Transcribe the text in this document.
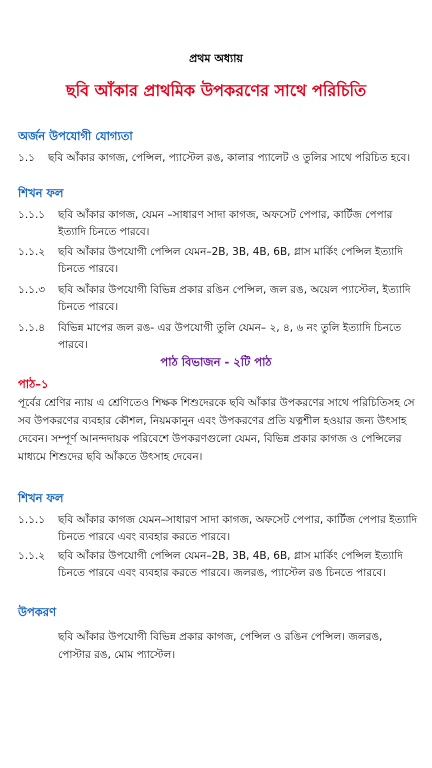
প্রথম অধ্যায়
ছবি আঁকার প্রাথমিক উপকরণের সাথে পরিচিতি
অর্জন উপযোগী যোগ্যতা
১.১	ছবি আঁকার কাগজ, পেন্সিল, প্যাস্টেল রঙ, কালার প্যালেট ও তুলির সাথে পরিচিত হবে।
শিখন ফল
১.১.১	ছবি আঁকার কাগজ, যেমন –সাধারণ সাদা কাগজ, অফসেট পেপার, কার্টিজ পেপার ইত্যাদি চিনতে পারবে।
১.১.২	ছবি আঁকার উপযোগী পেন্সিল যেমন–2B, 3B, 4B, 6B, গ্লাস মার্কিং পেন্সিল ইত্যাদি চিনতে পারবে।
১.১.৩	ছবি আঁকার উপযোগী বিভিন্ন প্রকার রঙিন পেন্সিল, জল রঙ, অয়েল প্যাস্টেল, ইত্যাদি চিনতে পারবে।
১.১.৪	বিভিন্ন মাপের জল রঙ- এর উপযোগী তুলি যেমন– ২, ৪, ৬ নং তুলি ইত্যাদি চিনতে পারবে।
পাঠ বিভাজন - ২টি পাঠ
পাঠ–১
পূর্বের শ্রেণির ন্যায় এ শ্রেণিতেও শিক্ষক শিশুদেরকে ছবি আঁকার উপকরণের সাথে পরিচিতিসহ সে সব উপকরণের ব্যবহার কৌশল, নিয়মকানুন এবং উপকরণের প্রতি যত্নশীল হওয়ার জন্য উৎসাহ দেবেন। সম্পূর্ণ আনন্দদায়ক পরিবেশে উপকরণগুলো যেমন, বিভিন্ন প্রকার কাগজ ও পেন্সিলের মাধ্যমে শিশুদের ছবি আঁকতে উৎসাহ দেবেন।
শিখন ফল
১.১.১	ছবি আঁকার কাগজ যেমন–সাধারণ সাদা কাগজ, অফসেট পেপার, কার্টিজ পেপার ইত্যাদি চিনতে পারবে এবং ব্যবহার করতে পারবে।
১.১.২	ছবি আঁকার উপযোগী পেন্সিল যেমন–2B, 3B, 4B, 6B, গ্লাস মার্কিং পেন্সিল ইত্যাদি চিনতে পারবে এবং ব্যবহার করতে পারবে। জলরঙ, প্যাস্টেল রঙ চিনতে পারবে।
উপকরণ
ছবি আঁকার উপযোগী বিভিন্ন প্রকার কাগজ, পেন্সিল ও রঙিন পেন্সিল। জলরঙ, পোস্টার রঙ, মোম প্যাস্টেল।
